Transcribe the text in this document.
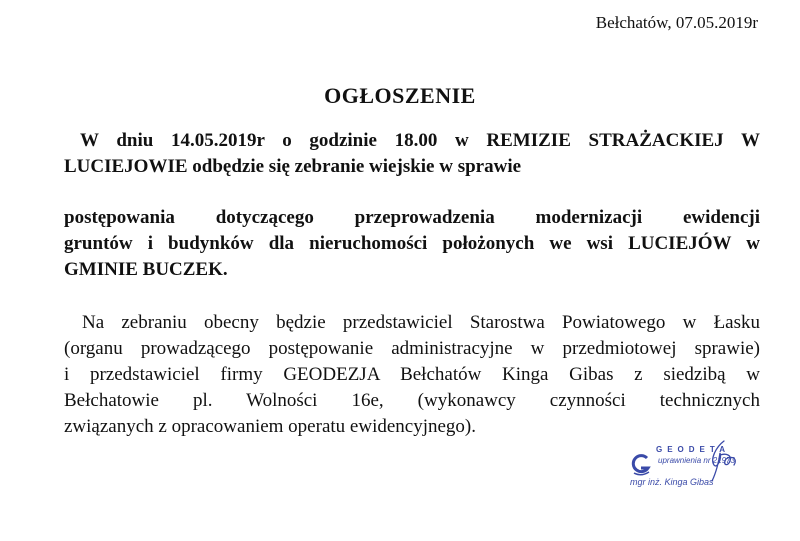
Bełchatów, 07.05.2019r
OGŁOSZENIE
W dniu 14.05.2019r o godzinie 18.00 w REMIZIE STRAŻACKIEJ W
LUCIEJOWIE odbędzie się zebranie wiejskie w sprawie
postępowania dotyczącego przeprowadzenia modernizacji ewidencji
gruntów i budynków dla nieruchomości położonych we wsi LUCIEJÓW w
GMINIE BUCZEK.
Na zebraniu obecny będzie przedstawiciel Starostwa Powiatowego w Łasku
(organu prowadzącego postępowanie administracyjne w przedmiotowej sprawie)
i przedstawiciel firmy GEODEZJA Bełchatów Kinga Gibas z siedzibą w
Bełchatowie pl. Wolności 16e, (wykonawcy czynności technicznych
związanych z opracowaniem operatu ewidencyjnego).
GEODETA
uprawnienia nr 21973
mgr inż. Kinga Gibas
